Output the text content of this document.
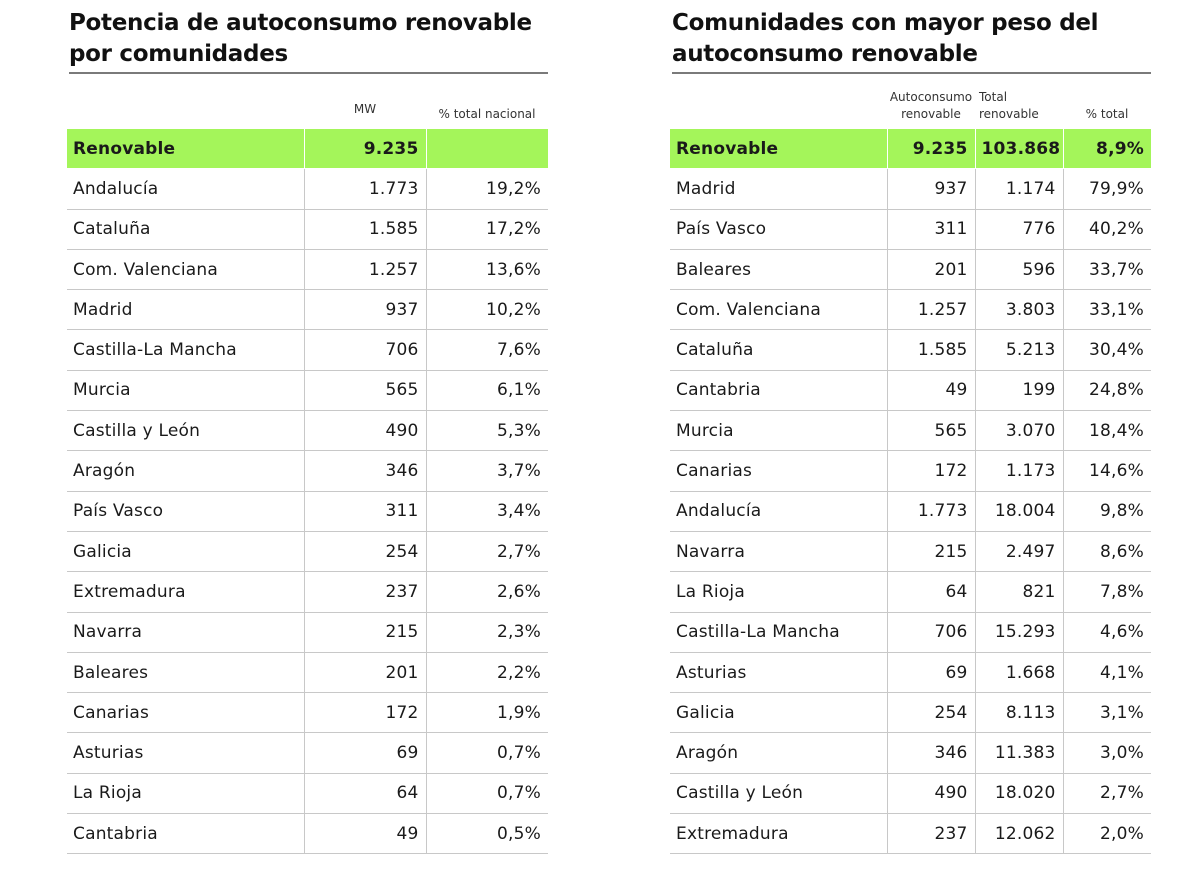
Potencia de autoconsumo renovable por comunidades
	MW	% total nacional
Renovable	9.235	
Andalucía	1.773	19,2%
Cataluña	1.585	17,2%
Com. Valenciana	1.257	13,6%
Madrid	937	10,2%
Castilla-La Mancha	706	7,6%
Murcia	565	6,1%
Castilla y León	490	5,3%
Aragón	346	3,7%
País Vasco	311	3,4%
Galicia	254	2,7%
Extremadura	237	2,6%
Navarra	215	2,3%
Baleares	201	2,2%
Canarias	172	1,9%
Asturias	69	0,7%
La Rioja	64	0,7%
Cantabria	49	0,5%
Comunidades con mayor peso del autoconsumo renovable
	Autoconsumo renovable	Total renovable	% total
Renovable	9.235	103.868	8,9%
Madrid	937	1.174	79,9%
País Vasco	311	776	40,2%
Baleares	201	596	33,7%
Com. Valenciana	1.257	3.803	33,1%
Cataluña	1.585	5.213	30,4%
Cantabria	49	199	24,8%
Murcia	565	3.070	18,4%
Canarias	172	1.173	14,6%
Andalucía	1.773	18.004	9,8%
Navarra	215	2.497	8,6%
La Rioja	64	821	7,8%
Castilla-La Mancha	706	15.293	4,6%
Asturias	69	1.668	4,1%
Galicia	254	8.113	3,1%
Aragón	346	11.383	3,0%
Castilla y León	490	18.020	2,7%
Extremadura	237	12.062	2,0%
